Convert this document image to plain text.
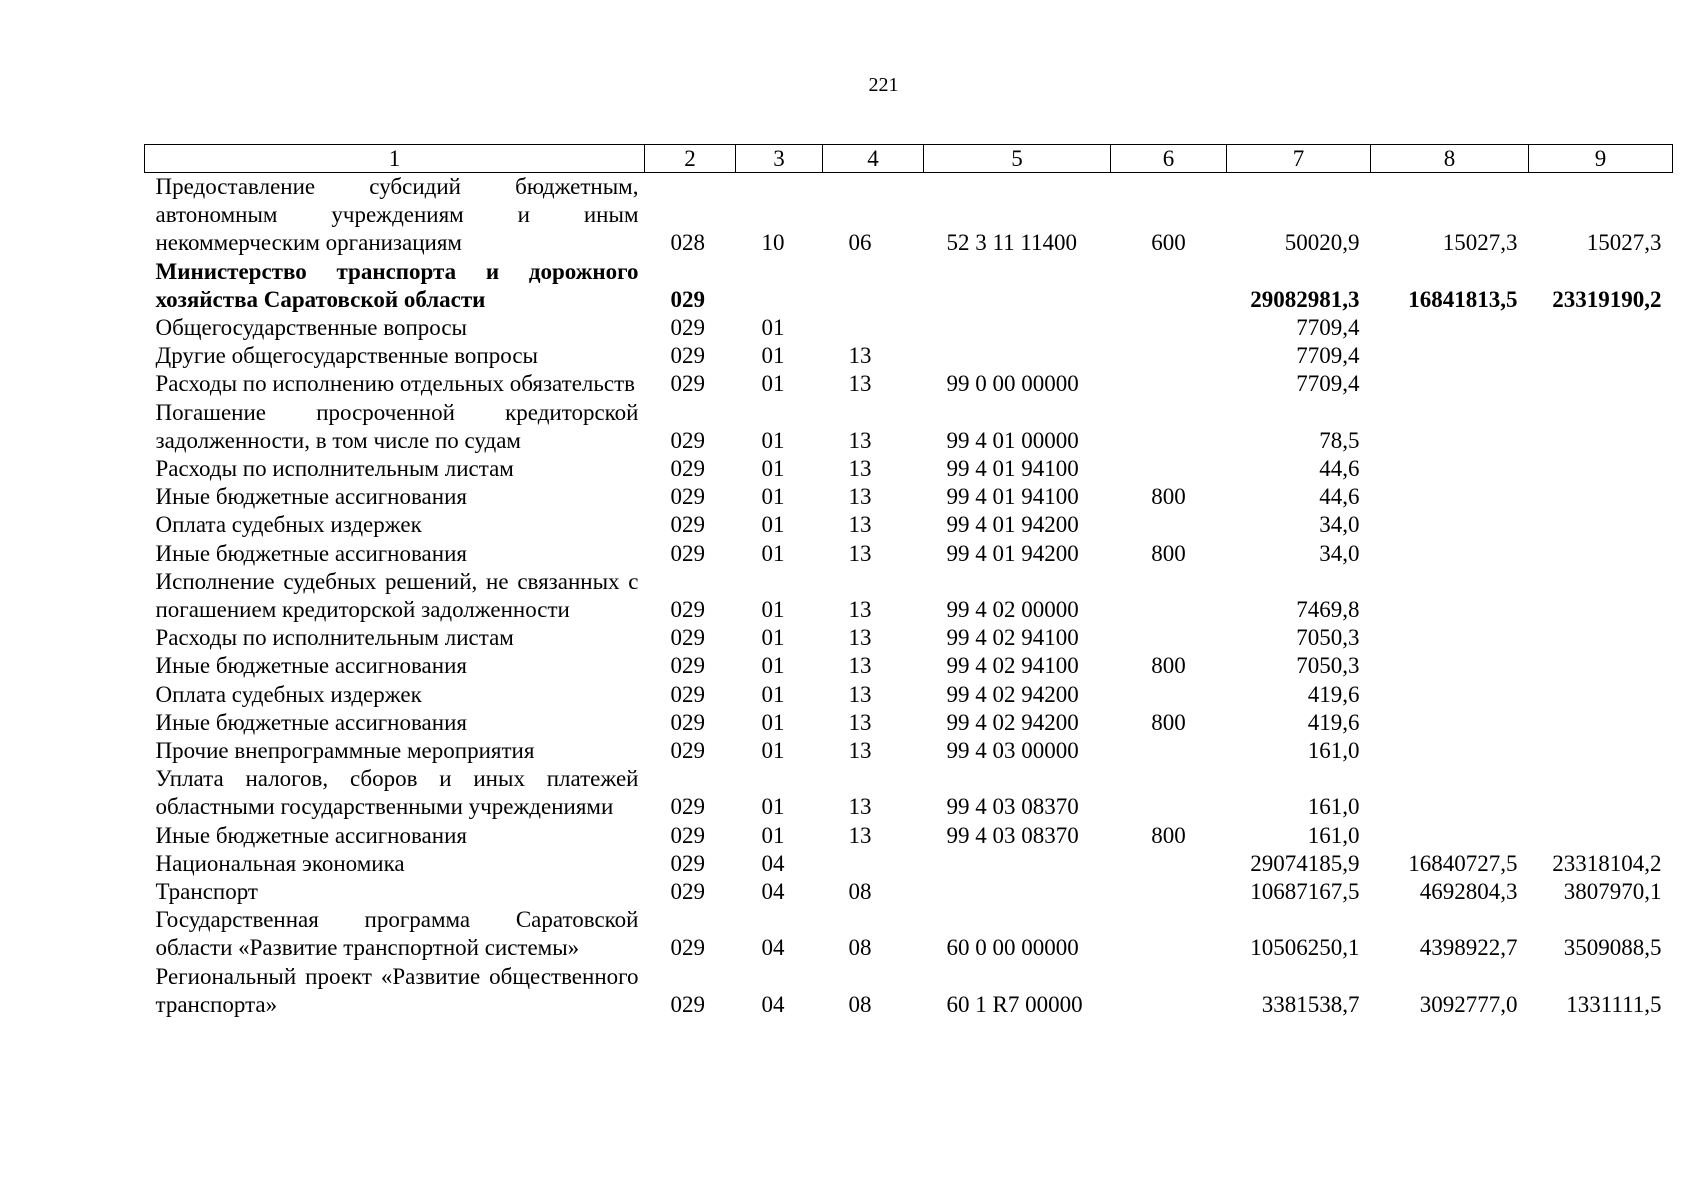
221
1	2	3	4	5	6	7	8	9
Предоставление субсидий бюджетным, автономным учреждениям и иным некоммерческим организациям	028	10	06	52 3 11 11400	600	50020,9	15027,3	15027,3
Министерство транспорта и дорожного хозяйства Саратовской области	029					29082981,3	16841813,5	23319190,2
Общегосударственные вопросы	029	01				7709,4		
Другие общегосударственные вопросы	029	01	13			7709,4		
Расходы по исполнению отдельных обязательств	029	01	13	99 0 00 00000		7709,4		
Погашение просроченной кредиторской задолженности, в том числе по судам	029	01	13	99 4 01 00000		78,5		
Расходы по исполнительным листам	029	01	13	99 4 01 94100		44,6		
Иные бюджетные ассигнования	029	01	13	99 4 01 94100	800	44,6		
Оплата судебных издержек	029	01	13	99 4 01 94200		34,0		
Иные бюджетные ассигнования	029	01	13	99 4 01 94200	800	34,0		
Исполнение судебных решений, не связанных с погашением кредиторской задолженности	029	01	13	99 4 02 00000		7469,8		
Расходы по исполнительным листам	029	01	13	99 4 02 94100		7050,3		
Иные бюджетные ассигнования	029	01	13	99 4 02 94100	800	7050,3		
Оплата судебных издержек	029	01	13	99 4 02 94200		419,6		
Иные бюджетные ассигнования	029	01	13	99 4 02 94200	800	419,6		
Прочие внепрограммные мероприятия	029	01	13	99 4 03 00000		161,0		
Уплата налогов, сборов и иных платежей областными государственными учреждениями	029	01	13	99 4 03 08370		161,0		
Иные бюджетные ассигнования	029	01	13	99 4 03 08370	800	161,0		
Национальная экономика	029	04				29074185,9	16840727,5	23318104,2
Транспорт	029	04	08			10687167,5	4692804,3	3807970,1
Государственная программа Саратовской области «Развитие транспортной системы»	029	04	08	60 0 00 00000		10506250,1	4398922,7	3509088,5
Региональный проект «Развитие общественного транспорта»	029	04	08	60 1 R7 00000		3381538,7	3092777,0	1331111,5
